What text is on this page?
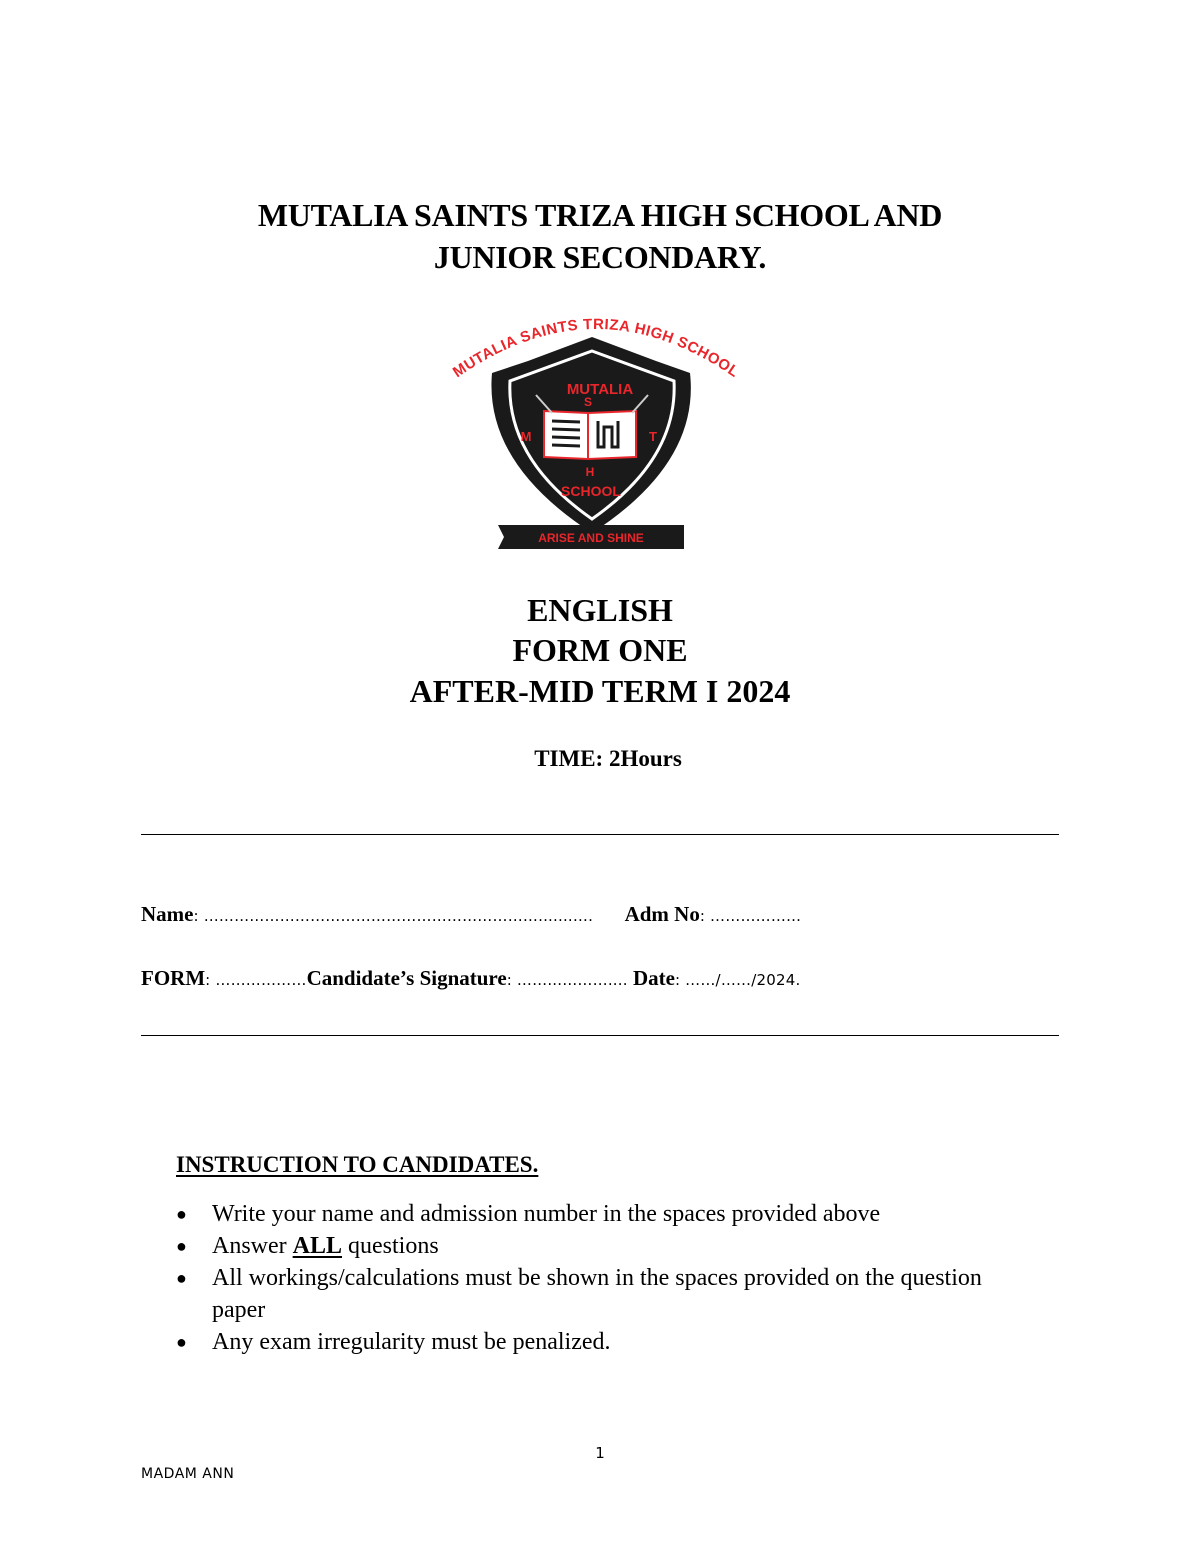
MUTALIA SAINTS TRIZA HIGH SCHOOL AND
JUNIOR SECONDARY.
MUTALIA SAINTS TRIZA HIGH SCHOOL
MUTALIA
S
M	T
H
SCHOOL
ARISE AND SHINE
ENGLISH
FORM ONE
AFTER-MID TERM I 2024
TIME: 2Hours
Name: ………………………………………………………….......…. Adm No: ………………
FORM: ………………Candidate’s Signature: ……...……….... Date: ……/……/2024.
INSTRUCTION TO CANDIDATES.
● Write your name and admission number in the spaces provided above
● Answer ALL questions
● All workings/calculations must be shown in the spaces provided on the question paper
● Any exam irregularity must be penalized.
1
MADAM ANN
